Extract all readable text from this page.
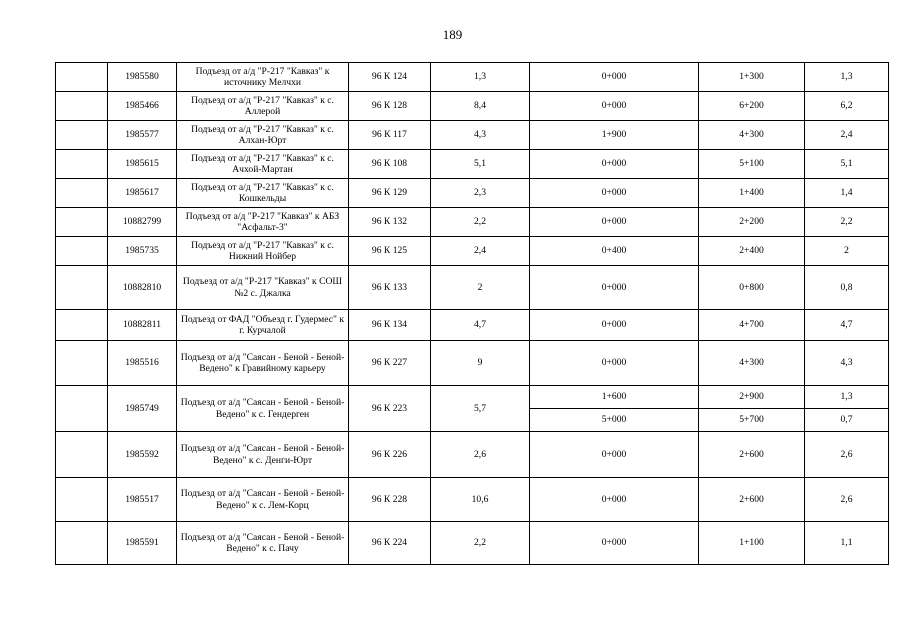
189
	1985580	Подъезд от а/д "Р-217 "Кавказ" к источнику Мелчхи	96 К 124	1,3	0+000	1+300	1,3
	1985466	Подъезд от а/д "Р-217 "Кавказ" к с. Аллерой	96 К 128	8,4	0+000	6+200	6,2
	1985577	Подъезд от а/д "Р-217 "Кавказ" к с. Алхан-Юрт	96 К 117	4,3	1+900	4+300	2,4
	1985615	Подъезд от а/д "Р-217 "Кавказ" к с. Ачхой-Мартан	96 К 108	5,1	0+000	5+100	5,1
	1985617	Подъезд от а/д "Р-217 "Кавказ" к с. Кошкельды	96 К 129	2,3	0+000	1+400	1,4
	10882799	Подъезд от а/д "Р-217 "Кавказ" к АБЗ "Асфальт-3"	96 К 132	2,2	0+000	2+200	2,2
	1985735	Подъезд от а/д "Р-217 "Кавказ" к с. Нижний Нойбер	96 К 125	2,4	0+400	2+400	2
	10882810	Подъезд от а/д "Р-217 "Кавказ" к СОШ №2 с. Джалка	96 К 133	2	0+000	0+800	0,8
	10882811	Подъезд от ФАД "Объезд г. Гудермес" к г. Курчалой	96 К 134	4,7	0+000	4+700	4,7
	1985516	Подъезд от а/д "Саясан - Беной - Беной-Ведено" к Гравийному карьеру	96 К 227	9	0+000	4+300	4,3
	1985749	Подъезд от а/д "Саясан - Беной - Беной-Ведено" к с. Гендерген	96 К 223	5,7	1+600	2+900	1,3
					5+000	5+700	0,7
	1985592	Подъезд от а/д "Саясан - Беной - Беной-Ведено" к с. Денги-Юрт	96 К 226	2,6	0+000	2+600	2,6
	1985517	Подъезд от а/д "Саясан - Беной - Беной-Ведено" к с. Лем-Корц	96 К 228	10,6	0+000	2+600	2,6
	1985591	Подъезд от а/д "Саясан - Беной - Беной-Ведено" к с. Пачу	96 К 224	2,2	0+000	1+100	1,1
